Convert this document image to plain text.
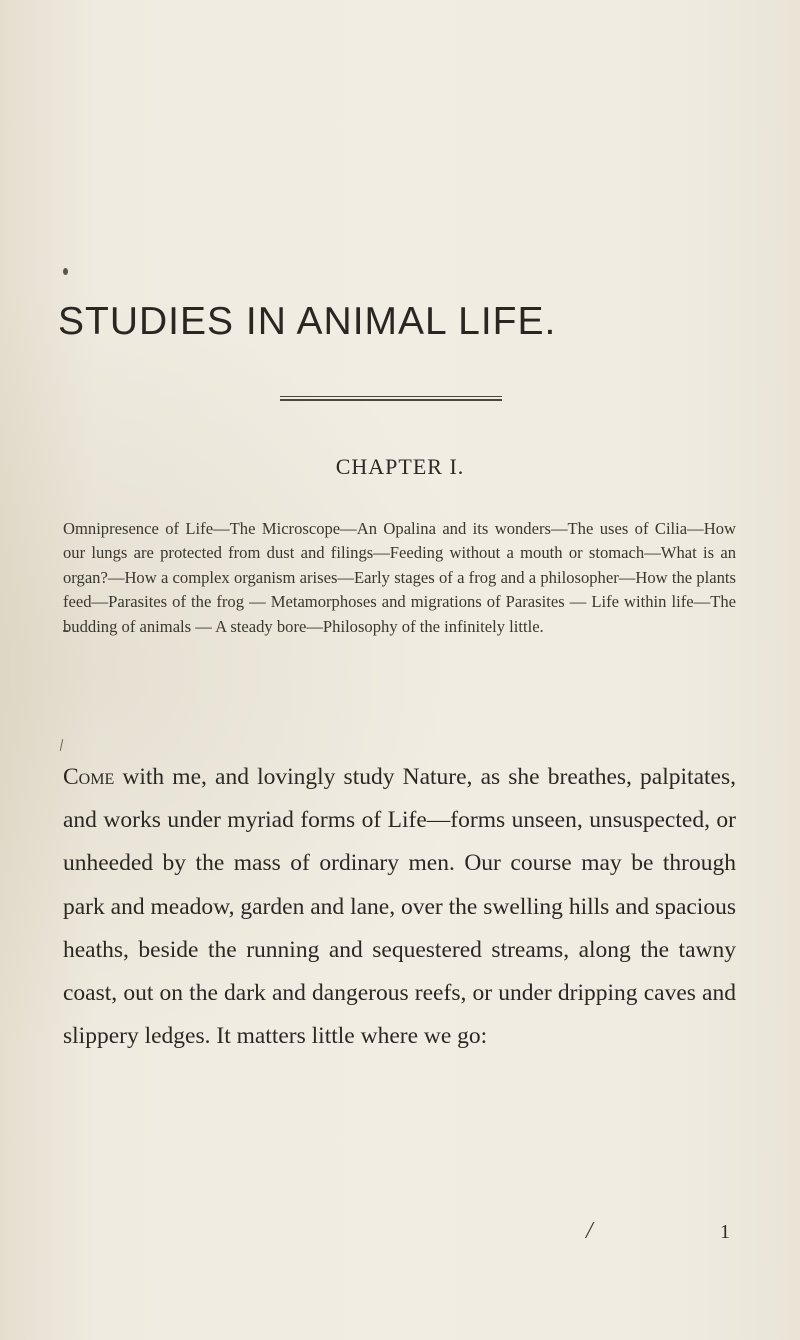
STUDIES IN ANIMAL LIFE.
CHAPTER I.
Omnipresence of Life—The Microscope—An Opalina and its wonders—The uses of Cilia—How our lungs are protected from dust and filings—Feeding without a mouth or stomach—What is an organ?—How a complex organism arises—Early stages of a frog and a philosopher—How the plants feed—Parasites of the frog — Metamorphoses and migrations of Parasites — Life within life—The budding of animals — A steady bore—Philosophy of the infinitely little.
Come with me, and lovingly study Nature, as she breathes, palpitates, and works under myriad forms of Life—forms unseen, unsuspected, or unheeded by the mass of ordinary men. Our course may be through park and meadow, garden and lane, over the swelling hills and spacious heaths, beside the running and sequestered streams, along the tawny coast, out on the dark and dangerous reefs, or under dripping caves and slippery ledges. It matters little where we go:
/	1
